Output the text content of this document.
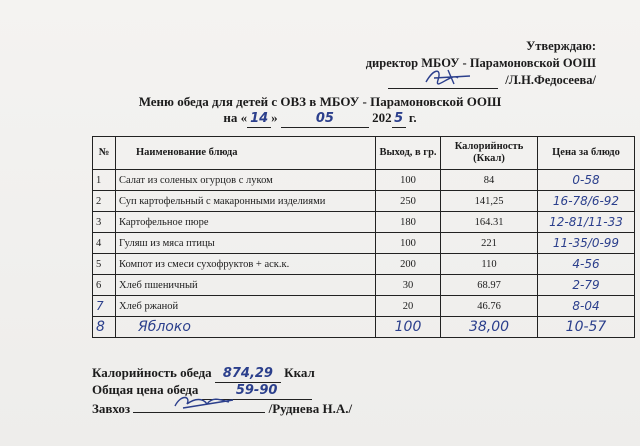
Утверждаю:
директор МБОУ - Парамоновской ООШ
/Л.Н.Федосеева/
Меню обеда для детей с ОВЗ в МБОУ - Парамоновской ООШ
на « 14 »	05	202 5 г.
№	Наименование блюда	Выход, в гр.	Калорийность (Ккал)	Цена за блюдо
1	Салат из соленых огурцов с луком	100	84	0-58
2	Суп картофельный с макаронными изделиями	250	141,25	16-78/6-92
3	Картофельное пюре	180	164.31	12-81/11-33
4	Гуляш из мяса птицы	100	221	11-35/0-99
5	Компот из смеси сухофруктов + аск.к.	200	110	4-56
6	Хлеб пшеничный	30	68.97	2-79
7	Хлеб ржаной	20	46.76	8-04
8	Яблоко	100	38,00	10-57
Калорийность обеда 874,29 Ккал
Общая цена обеда	59-90
Завхоз	/Руднева Н.А./
